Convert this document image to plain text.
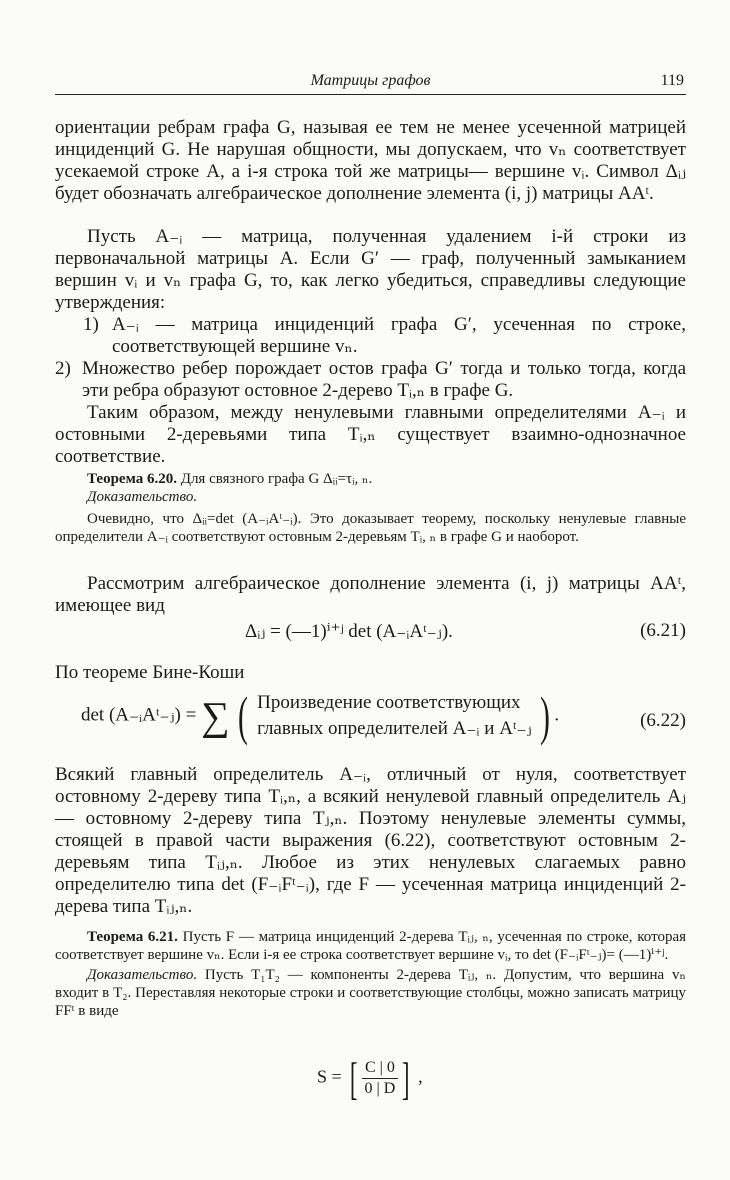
Матрицы графов	119

ориентации ребрам графа G, называя ее тем не менее усеченной матрицей инциденций G. Не нарушая общности, мы допускаем, что vₙ соответствует усекаемой строке A, а i-я строка той же матрицы— вершине vᵢ. Символ Δᵢⱼ будет обозначать алгебраическое дополнение элемента (i, j) матрицы AAᵗ.

Пусть A₋ᵢ — матрица, полученная удалением i-й строки из первоначальной матрицы A. Если G′ — граф, полученный замыканием вершин vᵢ и vₙ графа G, то, как легко убедиться, справедливы следующие утверждения:

1) A₋ᵢ — матрица инциденций графа G′, усеченная по строке, соответствующей вершине vₙ.
2) Множество ребер порождает остов графа G′ тогда и только тогда, когда эти ребра образуют остовное 2-дерево Tᵢ,ₙ в графе G.

Таким образом, между ненулевыми главными определителями A₋ᵢ и остовными 2-деревьями типа Tᵢ,ₙ существует взаимно-однозначное соответствие.

Теорема 6.20. Для связного графа G Δᵢᵢ=τᵢ, ₙ.
Доказательство.
Очевидно, что Δᵢᵢ=det (A₋ᵢAᵗ₋ᵢ). Это доказывает теорему, поскольку ненулевые главные определители A₋ᵢ соответствуют остовным 2-деревьям Tᵢ, ₙ в графе G и наоборот.

Рассмотрим алгебраическое дополнение элемента (i, j) матрицы AAᵗ, имеющее вид

Δᵢⱼ = (—1)ⁱ⁺ʲ det (A₋ᵢAᵗ₋ⱼ).	(6.21)

По теореме Бине-Коши

det (A₋ᵢAᵗ₋ⱼ) = ∑ ( Произведение соответствующих
главных определителей A₋ᵢ и Aᵗ₋ⱼ ) .	(6.22)

Всякий главный определитель A₋ᵢ, отличный от нуля, соответствует остовному 2-дереву типа Tᵢ,ₙ, а всякий ненулевой главный определитель Aⱼ — остовному 2-дереву типа Tⱼ,ₙ. Поэтому ненулевые элементы суммы, стоящей в правой части выражения (6.22), соответствуют остовным 2-деревьям типа Tᵢⱼ,ₙ. Любое из этих ненулевых слагаемых равно определителю типа det (F₋ᵢFᵗ₋ᵢ), где F — усеченная матрица инциденций 2-дерева типа Tᵢⱼ,ₙ.

Теорема 6.21. Пусть F — матрица инциденций 2-дерева Tᵢⱼ, ₙ, усеченная по строке, которая соответствует вершине vₙ. Если i-я ее строка соответствует вершине vᵢ, то det (F₋ᵢFᵗ₋ⱼ)= (—1)ⁱ⁺ʲ.
Доказательство. Пусть T₁T₂ — компоненты 2-дерева Tᵢⱼ, ₙ. Допустим, что вершина vₙ входит в T₂. Переставляя некоторые строки и соответствующие столбцы, можно записать матрицу FFᵗ в виде
S = [ $\frac{C | 0}{0 | D}$ ] ,
